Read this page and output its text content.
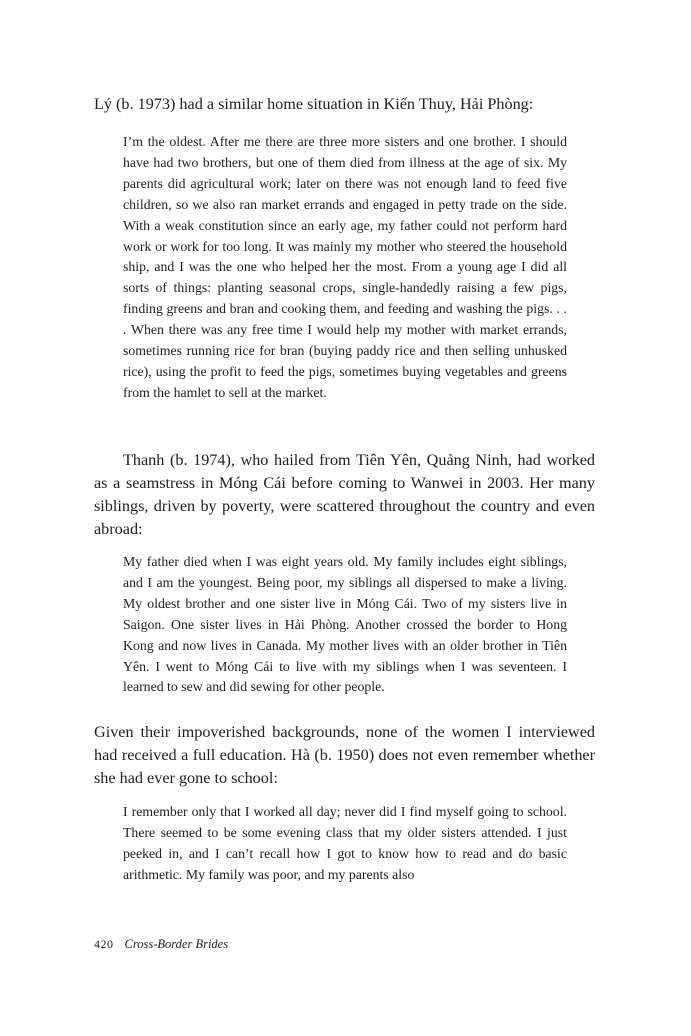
Lý (b. 1973) had a similar home situation in Kiến Thuy, Hải Phòng:

I’m the oldest. After me there are three more sisters and one brother. I should have had two brothers, but one of them died from illness at the age of six. My parents did agricultural work; later on there was not enough land to feed five children, so we also ran market errands and engaged in petty trade on the side. With a weak constitution since an early age, my father could not perform hard work or work for too long. It was mainly my mother who steered the household ship, and I was the one who helped her the most. From a young age I did all sorts of things: planting seasonal crops, single-handedly raising a few pigs, finding greens and bran and cooking them, and feeding and washing the pigs. . . . When there was any free time I would help my mother with market errands, sometimes running rice for bran (buying paddy rice and then selling unhusked rice), using the profit to feed the pigs, sometimes buying vegetables and greens from the hamlet to sell at the market.

Thanh (b. 1974), who hailed from Tiên Yên, Quảng Ninh, had worked as a seamstress in Móng Cái before coming to Wanwei in 2003. Her many siblings, driven by poverty, were scattered throughout the country and even abroad:

My father died when I was eight years old. My family includes eight siblings, and I am the youngest. Being poor, my siblings all dispersed to make a living. My oldest brother and one sister live in Móng Cái. Two of my sisters live in Saigon. One sister lives in Hải Phòng. Another crossed the border to Hong Kong and now lives in Canada. My mother lives with an older brother in Tiên Yên. I went to Móng Cái to live with my siblings when I was seventeen. I learned to sew and did sewing for other people.

Given their impoverished backgrounds, none of the women I interviewed had received a full education. Hà (b. 1950) does not even remember whether she had ever gone to school:

I remember only that I worked all day; never did I find myself going to school. There seemed to be some evening class that my older sisters attended. I just peeked in, and I can’t recall how I got to know how to read and do basic arithmetic. My family was poor, and my parents also

420 Cross-Border Brides
